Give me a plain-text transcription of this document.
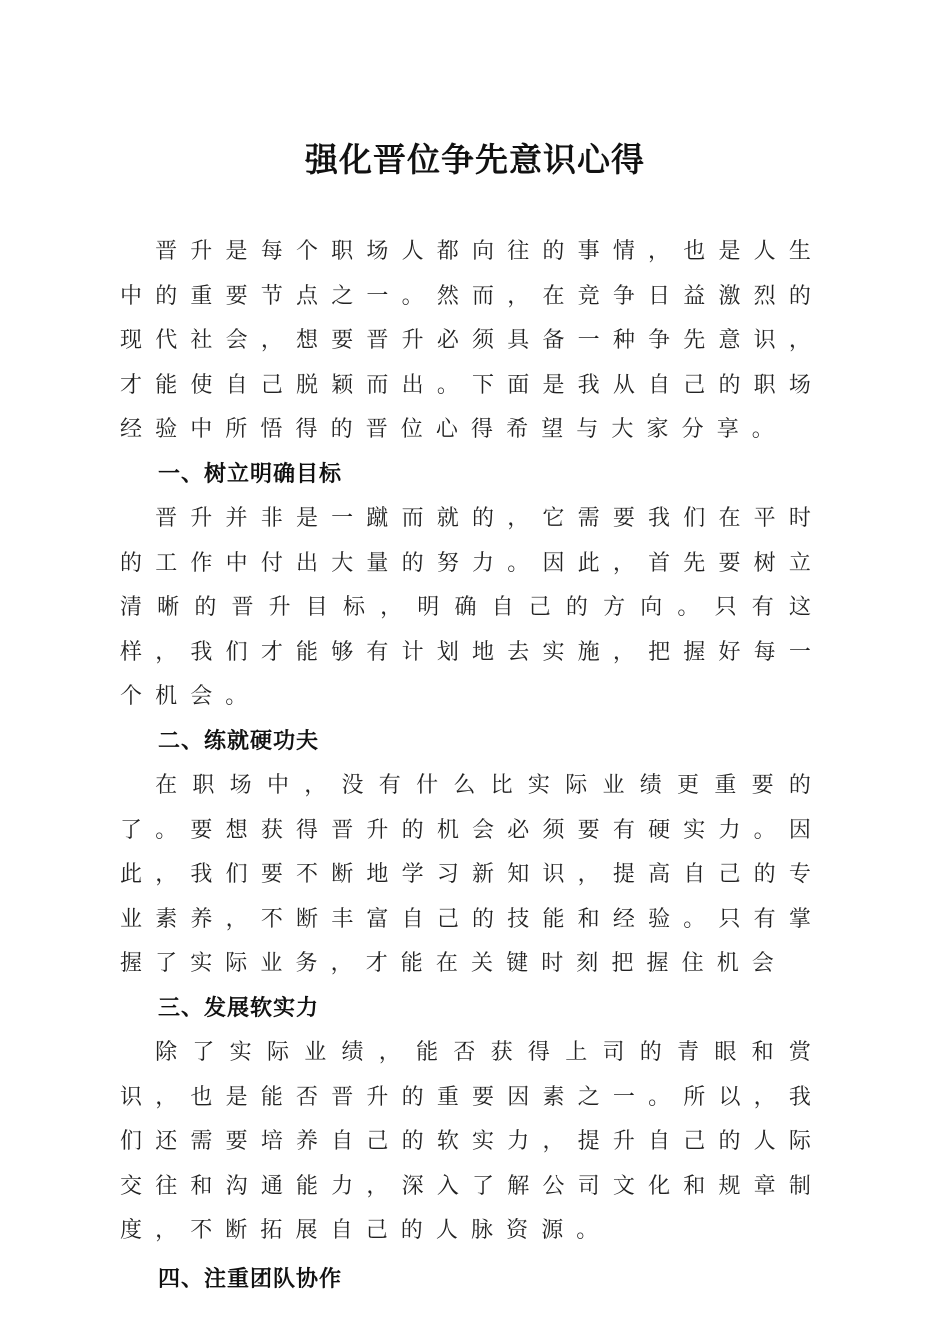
强化晋位争先意识心得

晋升是每个职场人都向往的事情，也是人生中的重要节点之一。然而，在竞争日益激烈的现代社会，想要晋升必须具备一种争先意识，才能使自己脱颖而出。下面是我从自己的职场经验中所悟得的晋位心得希望与大家分享。

一、树立明确目标

晋升并非是一蹴而就的，它需要我们在平时的工作中付出大量的努力。因此，首先要树立清晰的晋升目标，明确自己的方向。只有这样，我们才能够有计划地去实施，把握好每一个机会。

二、练就硬功夫

在职场中，没有什么比实际业绩更重要的了。要想获得晋升的机会必须要有硬实力。因此，我们要不断地学习新知识，提高自己的专业素养，不断丰富自己的技能和经验。只有掌握了实际业务，才能在关键时刻把握住机会

三、发展软实力

除了实际业绩，能否获得上司的青眼和赏识，也是能否晋升的重要因素之一。所以，我们还需要培养自己的软实力，提升自己的人际交往和沟通能力，深入了解公司文化和规章制度，不断拓展自己的人脉资源。

四、注重团队协作
